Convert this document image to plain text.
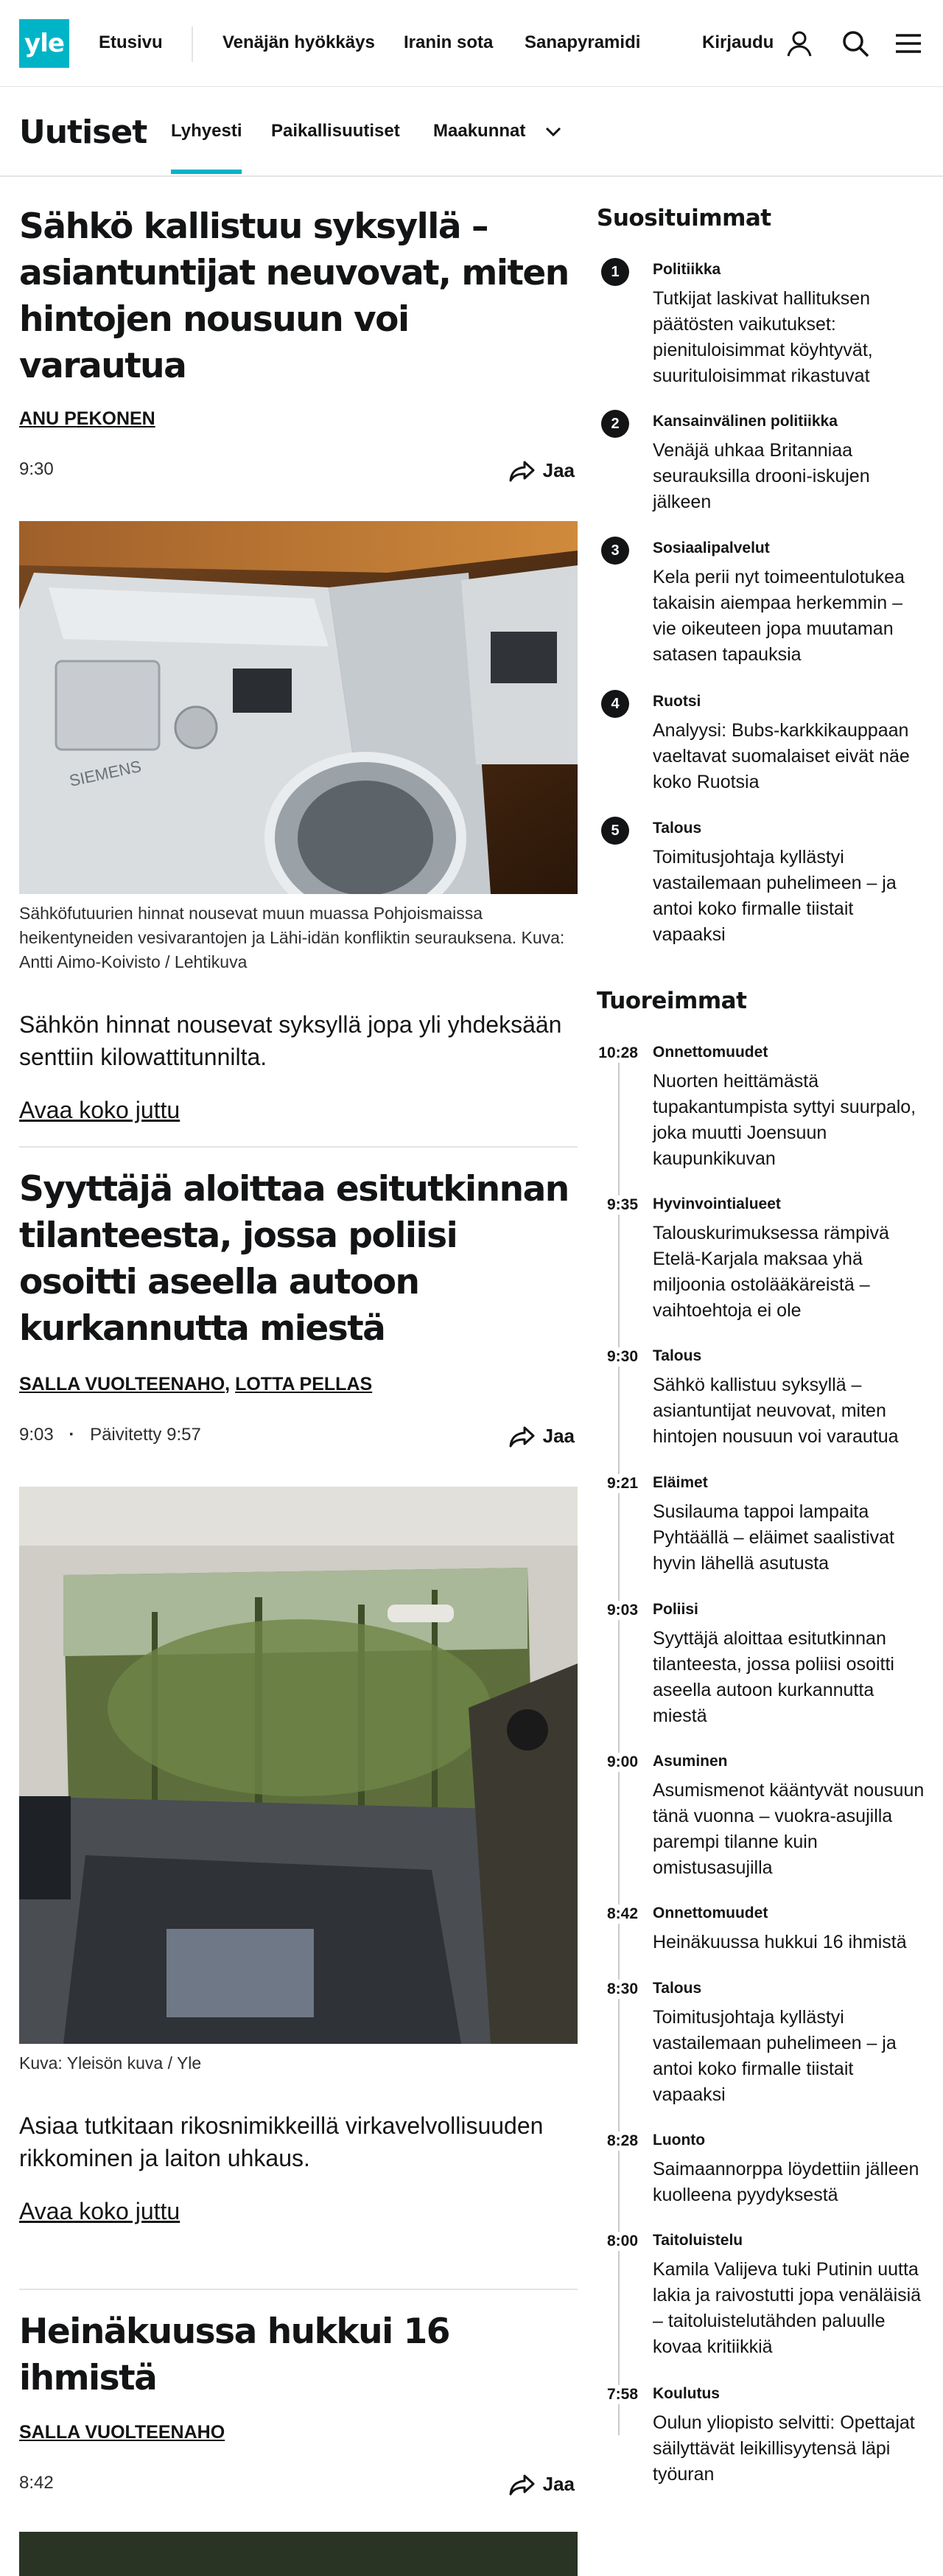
yle Etusivu	Venäjän hyökkäys Iranin sota Sanapyramidi	Kirjaudu
Uutiset Lyhyesti Paikallisuutiset Maakunnat
Sähkö kallistuu syksyllä – asiantuntijat neuvovat, miten hintojen nousuun voi varautua
ANU PEKONEN
9:30	Jaa
SIEMENS

Sähköfutuurien hinnat nousevat muun muassa Pohjoismaissa heikentyneiden vesivarantojen ja Lähi-idän konfliktin seurauksena. Kuva: Antti Aimo-Koivisto / Lehtikuva

Sähkön hinnat nousevat syksyllä jopa yli yhdeksään senttiin kilowattitunnilta.

Avaa koko juttu
Syyttäjä aloittaa esitutkinnan tilanteesta, jossa poliisi osoitti aseella autoon kurkannutta miestä
SALLA VUOLTEENAHO, LOTTA PELLAS
9:03 · Päivitetty 9:57	Jaa

Kuva: Yleisön kuva / Yle

Asiaa tutkitaan rikosnimikkeillä virkavelvollisuuden rikkominen ja laiton uhkaus.

Avaa koko juttu
Heinäkuussa hukkui 16 ihmistä
SALLA VUOLTEENAHO
8:42	Jaa
Suosituimmat
1	Politiikka
Tutkijat laskivat hallituksen päätösten vaikutukset: pienituloisimmat köyhtyvät, suurituloisimmat rikastuvat
2	Kansainvälinen politiikka
Venäjä uhkaa Britanniaa seurauksilla drooni-iskujen jälkeen
3	Sosiaalipalvelut
Kela perii nyt toimeentulotukea takaisin aiempaa herkemmin – vie oikeuteen jopa muutaman satasen tapauksia
4	Ruotsi
Analyysi: Bubs-karkkikauppaan vaeltavat suomalaiset eivät näe koko Ruotsia
5	Talous
Toimitusjohtaja kyllästyi vastailemaan puhelimeen – ja antoi koko firmalle tiistait vapaaksi
Tuoreimmat
10:28 Onnettomuudet
Nuorten heittämästä tupakantumpista syttyi suurpalo, joka muutti Joensuun kaupunkikuvan
9:35 Hyvinvointialueet
Talouskurimuksessa rämpivä Etelä-Karjala maksaa yhä miljoonia ostolääkäreistä – vaihtoehtoja ei ole
9:30 Talous
Sähkö kallistuu syksyllä – asiantuntijat neuvovat, miten hintojen nousuun voi varautua
9:21 Eläimet
Susilauma tappoi lampaita Pyhtäällä – eläimet saalistivat hyvin lähellä asutusta
9:03 Poliisi
Syyttäjä aloittaa esitutkinnan tilanteesta, jossa poliisi osoitti aseella autoon kurkannutta miestä
9:00 Asuminen
Asumismenot kääntyvät nousuun tänä vuonna – vuokra-asujilla parempi tilanne kuin omistusasujilla
8:42 Onnettomuudet
Heinäkuussa hukkui 16 ihmistä
8:30 Talous
Toimitusjohtaja kyllästyi vastailemaan puhelimeen – ja antoi koko firmalle tiistait vapaaksi
8:28 Luonto
Saimaannorppa löydettiin jälleen kuolleena pyydyksestä
8:00 Taitoluistelu
Kamila Valijeva tuki Putinin uutta lakia ja raivostutti jopa venäläisiä – taitoluistelutähden paluulle kovaa kritiikkiä
7:58 Koulutus
Oulun yliopisto selvitti: Opettajat säilyttävät leikillisyytensä läpi työuran
